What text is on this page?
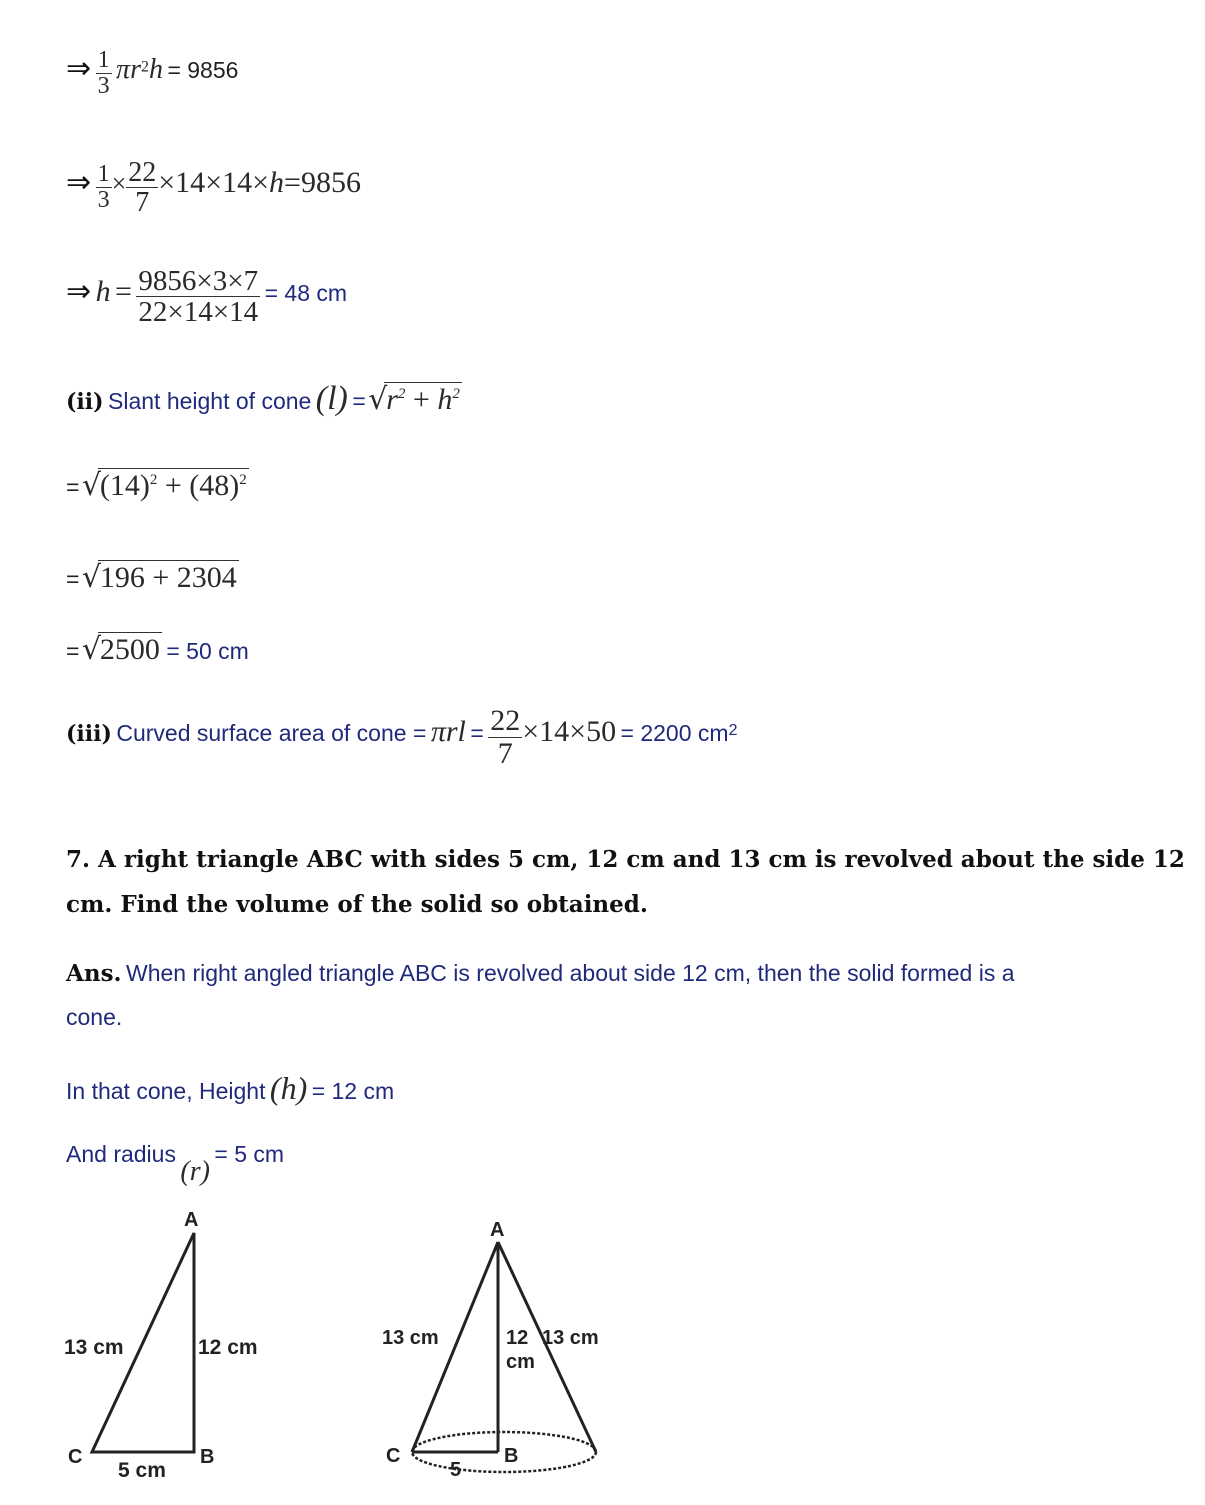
⇒ $\frac{1}{3} \pi r^2h = 9856$
⇒ $\frac{1}{3} \times \frac{22}{7} \times 14\times 14\times h=9856$
⇒ $h = \frac{9856\times 3\times 7}{22\times 14\times 14} = 48$ cm
(ii) Slant height of cone (l) = √ $r^2 + h^2$
= √ $(14)^2 + (48)^2$
= √ 196 + 2304
= √ 2500 = 50 cm
(iii) Curved surface area of cone = $\pi rl = \frac{22}{7} \times 14\times 50 = 2200$ $cm^2$
7. A right triangle ABC with sides 5 cm, 12 cm and 13 cm is revolved about the side 12
cm. Find the volume of the solid so obtained.
Ans. When right angled triangle ABC is revolved about side 12 cm, then the solid formed is a
cone.
In that cone, Height (h) = 12 cm
And radius (r) = 5 cm
A
B
C
13 cm	12 cm
5 cm
A
B
C
13 cm	12
cm
13 cm
5
